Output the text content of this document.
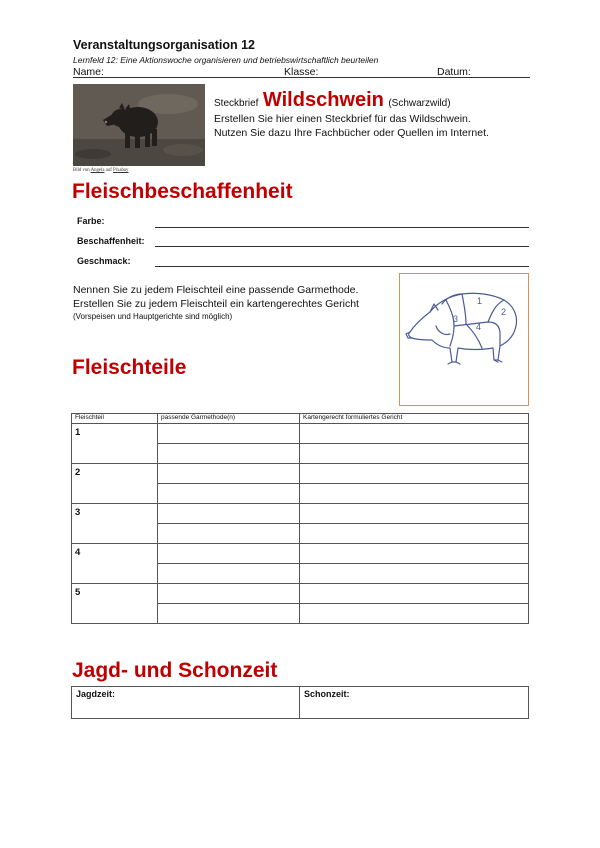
Veranstaltungsorganisation 12
Lernfeld 12: Eine Aktionswoche organisieren und betriebswirtschaftlich beurteilen
Name:	Klasse:	Datum:
Bild von Angela auf Pixabay
Steckbrief Wildschwein (Schwarzwild)
Erstellen Sie hier einen Steckbrief für das Wildschwein.
Nutzen Sie dazu Ihre Fachbücher oder Quellen im Internet.
Fleischbeschaffenheit
Farbe:
Beschaffenheit:
Geschmack:
Nennen Sie zu jedem Fleischteil eine passende Garmethode.
Erstellen Sie zu jedem Fleischteil ein kartengerechtes Gericht
(Vorspeisen und Hauptgerichte sind möglich)
1
2
3
4
Fleischteile
Fleischteil	passende Garmethode(n)	Kartengerecht formuliertes Gericht
1		

2		

3		

4		

5		

Jagd- und Schonzeit
Jagdzeit:	Schonzeit:
